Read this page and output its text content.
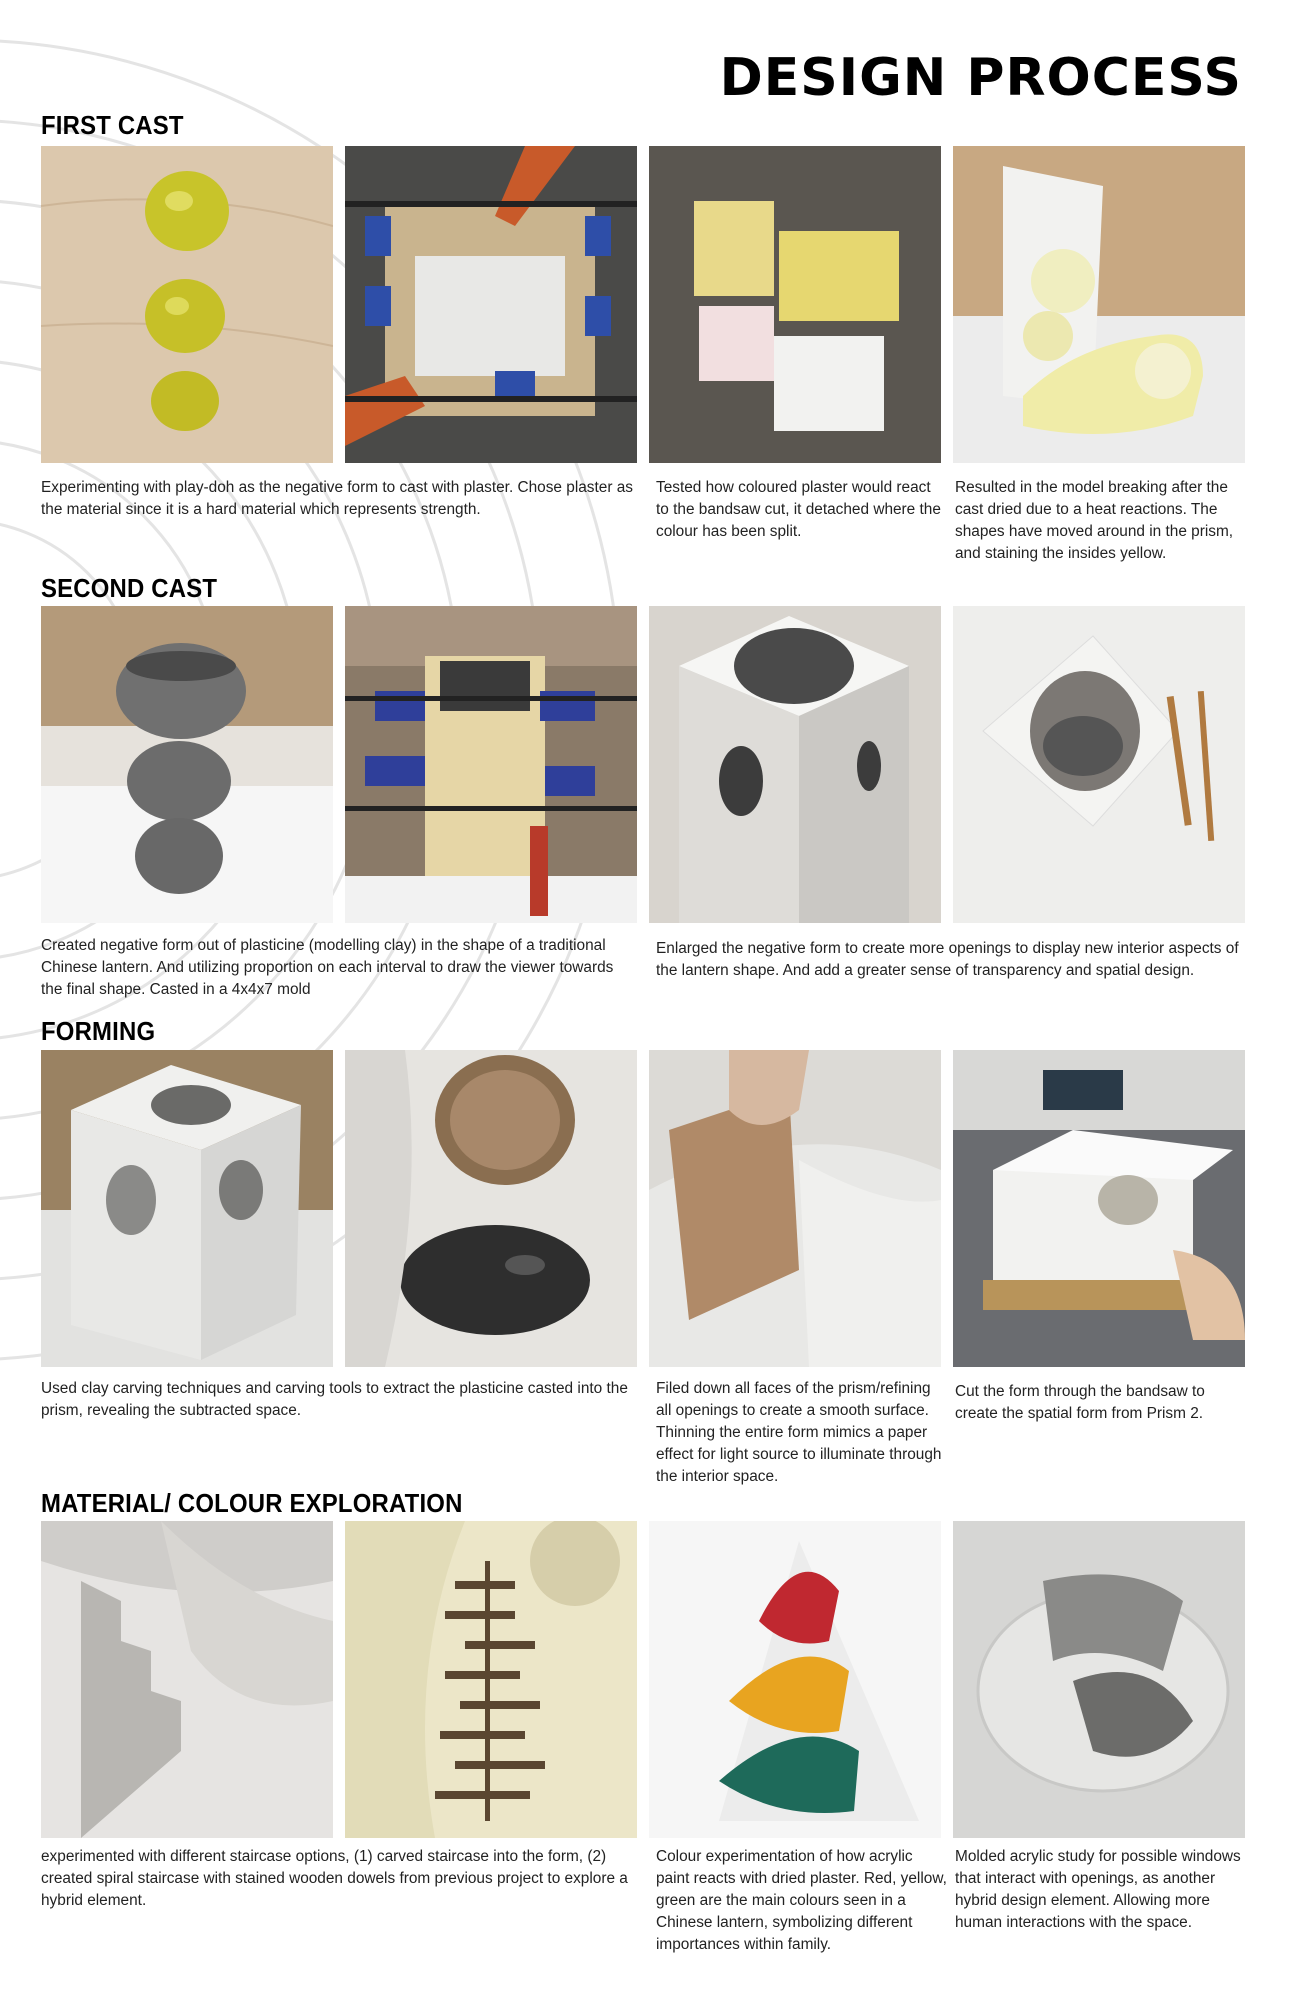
DESIGN PROCESS
FIRST CAST
Experimenting with play-doh as the negative form to cast with plaster. Chose plaster as the material since it is a hard material which represents strength.
Tested how coloured plaster would react to the bandsaw cut, it detached where the colour has been split.
Resulted in the model breaking after the cast dried due to a heat reactions. The shapes have moved around in the prism, and staining the insides yellow.
SECOND CAST
Created negative form out of plasticine (modelling clay) in the shape of a traditional Chinese lantern. And utilizing proportion on each interval to draw the viewer towards the final shape. Casted in a 4x4x7 mold
Enlarged the negative form to create more openings to display new interior aspects of the lantern shape. And add a greater sense of transparency and spatial design.
FORMING
Used clay carving techniques and carving tools to extract the plasticine casted into the prism, revealing the subtracted space.
Filed down all faces of the prism/refining all openings to create a smooth surface. Thinning the entire form mimics a paper effect for light source to illuminate through the interior space.
Cut the form through the bandsaw to create the spatial form from Prism 2.
MATERIAL/ COLOUR EXPLORATION
experimented with different staircase options, (1) carved staircase into the form, (2) created spiral staircase with stained wooden dowels from previous project to explore a hybrid element.
Colour experimentation of how acrylic paint reacts with dried plaster. Red, yellow, green are the main colours seen in a Chinese lantern, symbolizing different importances within family.
Molded acrylic study for possible windows that interact with openings, as another hybrid design element. Allowing more human interactions with the space.
